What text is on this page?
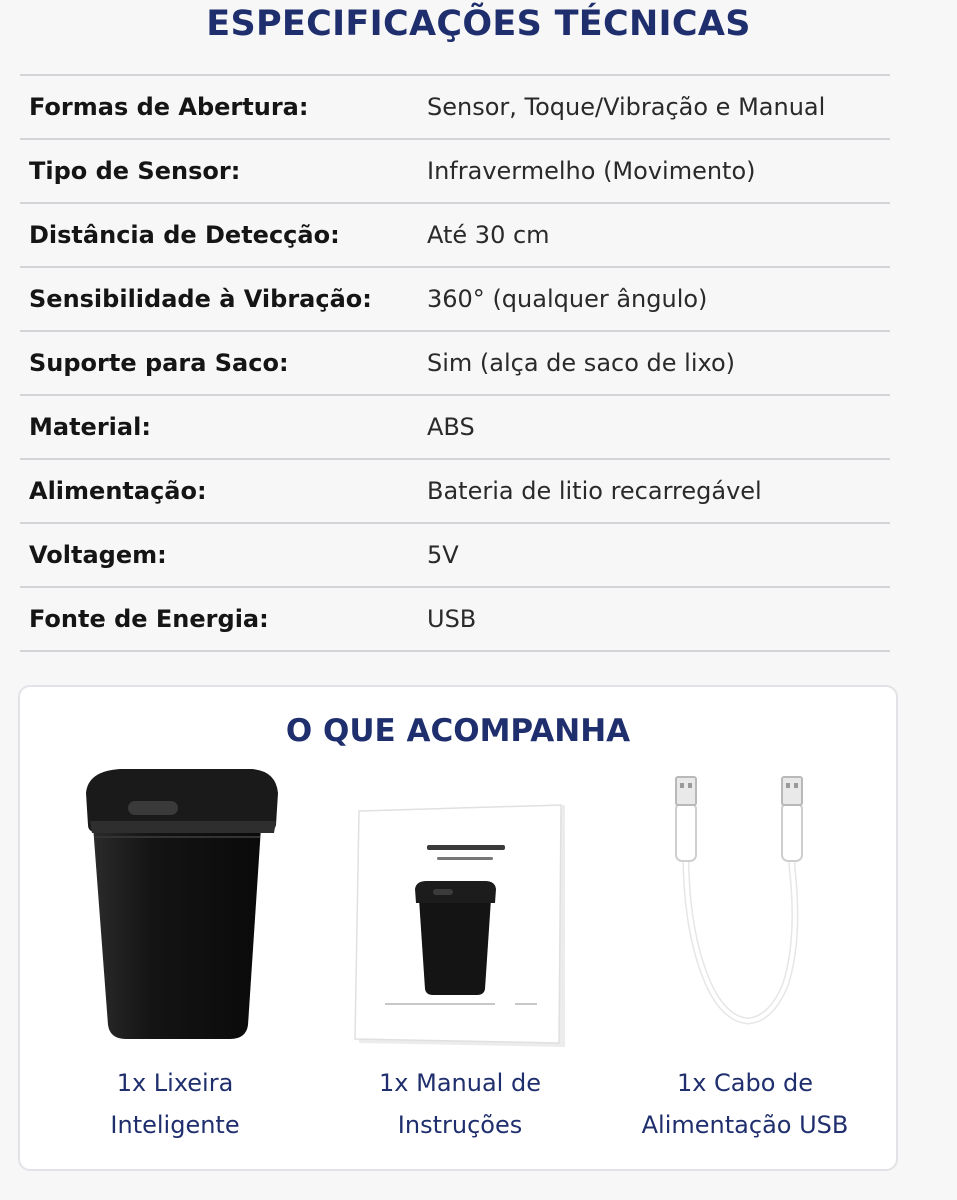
ESPECIFICAÇÕES TÉCNICAS
Formas de Abertura:	Sensor, Toque/Vibração e Manual
Tipo de Sensor:	Infravermelho (Movimento)
Distância de Detecção:	Até 30 cm
Sensibilidade à Vibração:	360° (qualquer ângulo)
Suporte para Saco:	Sim (alça de saco de lixo)
Material:	ABS
Alimentação:	Bateria de litio recarregável
Voltagem:	5V
Fonte de Energia:	USB
O QUE ACOMPANHA
1x Lixeira
Inteligente
1x Manual de
Instruções
1x Cabo de
Alimentação USB
